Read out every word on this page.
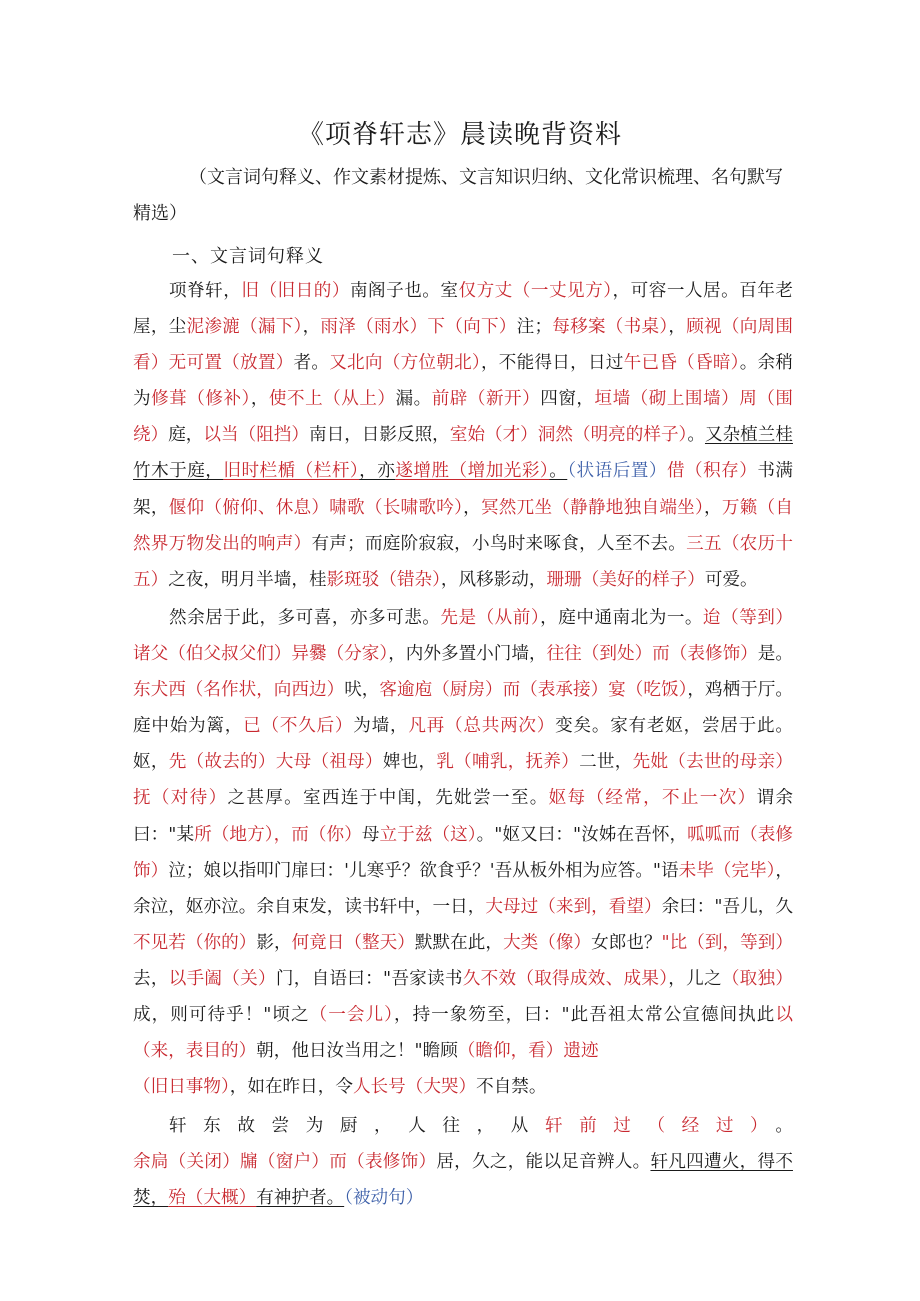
《项脊轩志》晨读晚背资料
（文言词句释义、作文素材提炼、文言知识归纳、文化常识梳理、名句默写精选）
一、文言词句释义
项脊轩，旧（旧日的）南阁子也。室仅方丈（一丈见方），可容一人居。百年老屋，尘泥渗漉（漏下），雨泽（雨水）下（向下）注；每移案（书桌），顾视（向周围看）无可置（放置）者。又北向（方位朝北），不能得日，日过午已昏（昏暗）。余稍为修葺（修补），使不上（从上）漏。前辟（新开）四窗，垣墙（砌上围墙）周（围绕）庭，以当（阻挡）南日，日影反照，室始（才）洞然（明亮的样子）。又杂植兰桂竹木于庭，旧时栏楯（栏杆），亦遂增胜（增加光彩）。（状语后置）借（积存）书满架，偃仰（俯仰、休息）啸歌（长啸歌吟），冥然兀坐（静静地独自端坐），万籁（自然界万物发出的响声）有声；而庭阶寂寂，小鸟时来啄食，人至不去。三五（农历十五）之夜，明月半墙，桂影斑驳（错杂），风移影动，珊珊（美好的样子）可爱。
然余居于此，多可喜，亦多可悲。先是（从前），庭中通南北为一。迨（等到）诸父（伯父叔父们）异爨（分家），内外多置小门墙，往往（到处）而（表修饰）是。东犬西（名作状，向西边）吠，客逾庖（厨房）而（表承接）宴（吃饭），鸡栖于厅。庭中始为篱，已（不久后）为墙，凡再（总共两次）变矣。家有老妪，尝居于此。妪，先（故去的）大母（祖母）婢也，乳（哺乳，抚养）二世，先妣（去世的母亲）抚（对待）之甚厚。室西连于中闺，先妣尝一至。妪每（经常，不止一次）谓余曰："某所（地方），而（你）母立于兹（这）。"妪又曰："汝姊在吾怀，呱呱而（表修饰）泣；娘以指叩门扉曰：'儿寒乎？欲食乎？'吾从板外相为应答。"语未毕（完毕），余泣，妪亦泣。余自束发，读书轩中，一日，大母过（来到，看望）余曰："吾儿，久不见若（你的）影，何竟日（整天）默默在此，大类（像）女郎也？"比（到，等到）去，以手阖（关）门，自语曰："吾家读书久不效（取得成效、成果），儿之（取独）成，则可待乎！"顷之（一会儿），持一象笏至，曰："此吾祖太常公宣德间执此以（来，表目的）朝，他日汝当用之！"瞻顾（瞻仰，看）遗迹
（旧日事物），如在昨日，令人长号（大哭）不自禁。
轩东故尝为厨，人往，从轩前过（经过）。余扃（关闭）牖（窗户）而（表修饰）居，久之，能以足音辨人。轩凡四遭火，得不焚，殆（大概）有神护者。（被动句）
